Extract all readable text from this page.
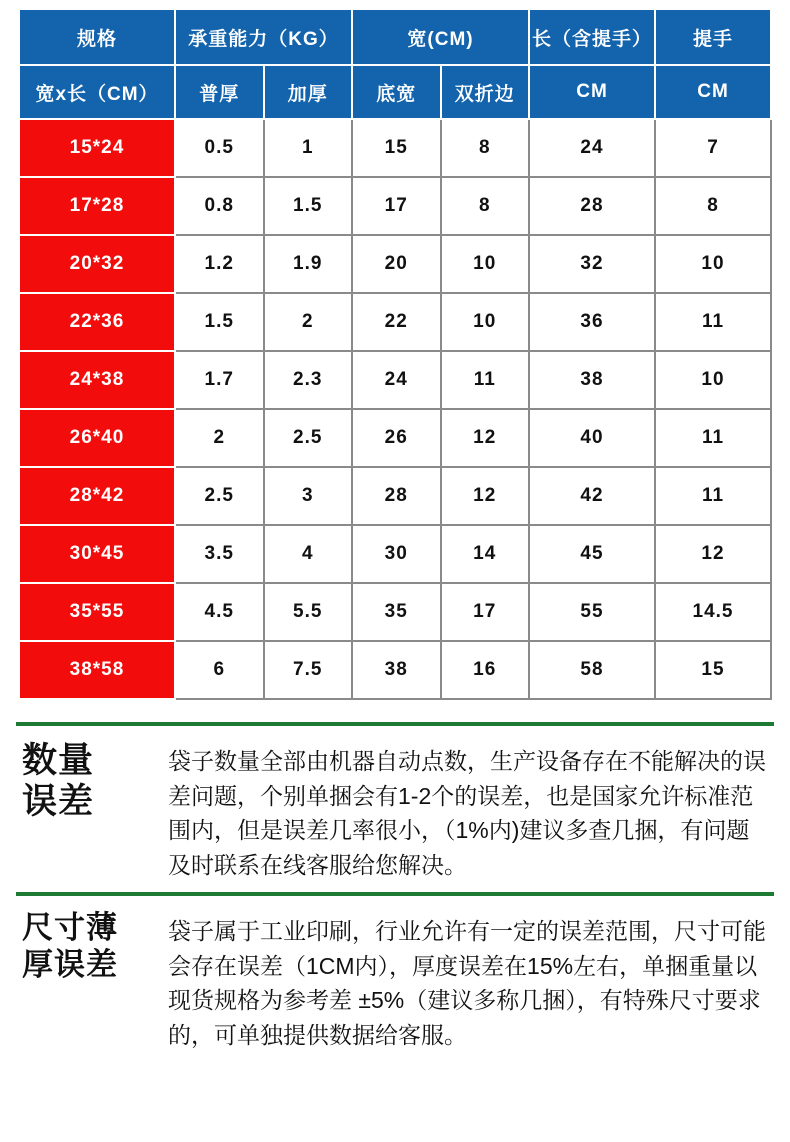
规格	承重能力（KG）		宽(CM)		长（含提手）	提手
宽x长（CM）	普厚	加厚	底宽	双折边	CM	CM
15*24	0.5	1	15	8	24	7
17*28	0.8	1.5	17	8	28	8
20*32	1.2	1.9	20	10	32	10
22*36	1.5	2	22	10	36	11
24*38	1.7	2.3	24	11	38	10
26*40	2	2.5	26	12	40	11
28*42	2.5	3	28	12	42	11
30*45	3.5	4	30	14	45	12
35*55	4.5	5.5	35	17	55	14.5
38*58	6	7.5	38	16	58	15
数量
误差
袋子数量全部由机器自动点数，生产设备存在不能解决的误差问题，个别单捆会有1-2个的误差，也是国家允许标准范围内，但是误差几率很小，（1%内)建议多查几捆，有问题及时联系在线客服给您解决。
尺寸薄
厚误差
袋子属于工业印刷，行业允许有一定的误差范围，尺寸可能会存在误差（1CM内），厚度误差在15%左右，单捆重量以现货规格为参考差 ±5%（建议多称几捆），有特殊尺寸要求的，可单独提供数据给客服。
